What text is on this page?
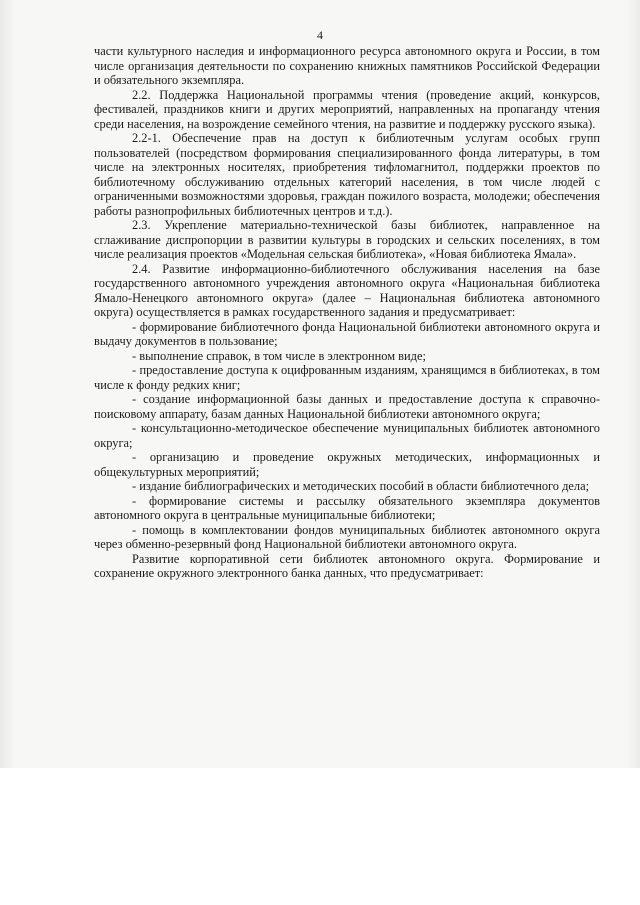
4

части культурного наследия и информационного ресурса автономного округа и России, в том числе организация деятельности по сохранению книжных памятников Российской Федерации и обязательного экземпляра.

2.2. Поддержка Национальной программы чтения (проведение акций, конкурсов, фестивалей, праздников книги и других мероприятий, направленных на пропаганду чтения среди населения, на возрождение семейного чтения, на развитие и поддержку русского языка).

2.2-1. Обеспечение прав на доступ к библиотечным услугам особых групп пользователей (посредством формирования специализированного фонда литературы, в том числе на электронных носителях, приобретения тифломагнитол, поддержки проектов по библиотечному обслуживанию отдельных категорий населения, в том числе людей с ограниченными возможностями здоровья, граждан пожилого возраста, молодежи; обеспечения работы разнопрофильных библиотечных центров и т.д.).

2.3. Укрепление материально-технической базы библиотек, направленное на сглаживание диспропорции в развитии культуры в городских и сельских поселениях, в том числе реализация проектов «Модельная сельская библиотека», «Новая библиотека Ямала».

2.4. Развитие информационно-библиотечного обслуживания населения на базе государственного автономного учреждения автономного округа «Национальная библиотека Ямало-Ненецкого автономного округа» (далее – Национальная библиотека автономного округа) осуществляется в рамках государственного задания и предусматривает:

- формирование библиотечного фонда Национальной библиотеки автономного округа и выдачу документов в пользование;

- выполнение справок, в том числе в электронном виде;

- предоставление доступа к оцифрованным изданиям, хранящимся в библиотеках, в том числе к фонду редких книг;

- создание информационной базы данных и предоставление доступа к справочно-поисковому аппарату, базам данных Национальной библиотеки автономного округа;

- консультационно-методическое обеспечение муниципальных библиотек автономного округа;

- организацию и проведение окружных методических, информационных и общекультурных мероприятий;

- издание библиографических и методических пособий в области библиотечного дела;

- формирование системы и рассылку обязательного экземпляра документов автономного округа в центральные муниципальные библиотеки;

- помощь в комплектовании фондов муниципальных библиотек автономного округа через обменно-резервный фонд Национальной библиотеки автономного округа.

Развитие корпоративной сети библиотек автономного округа. Формирование и сохранение окружного электронного банка данных, что предусматривает:
